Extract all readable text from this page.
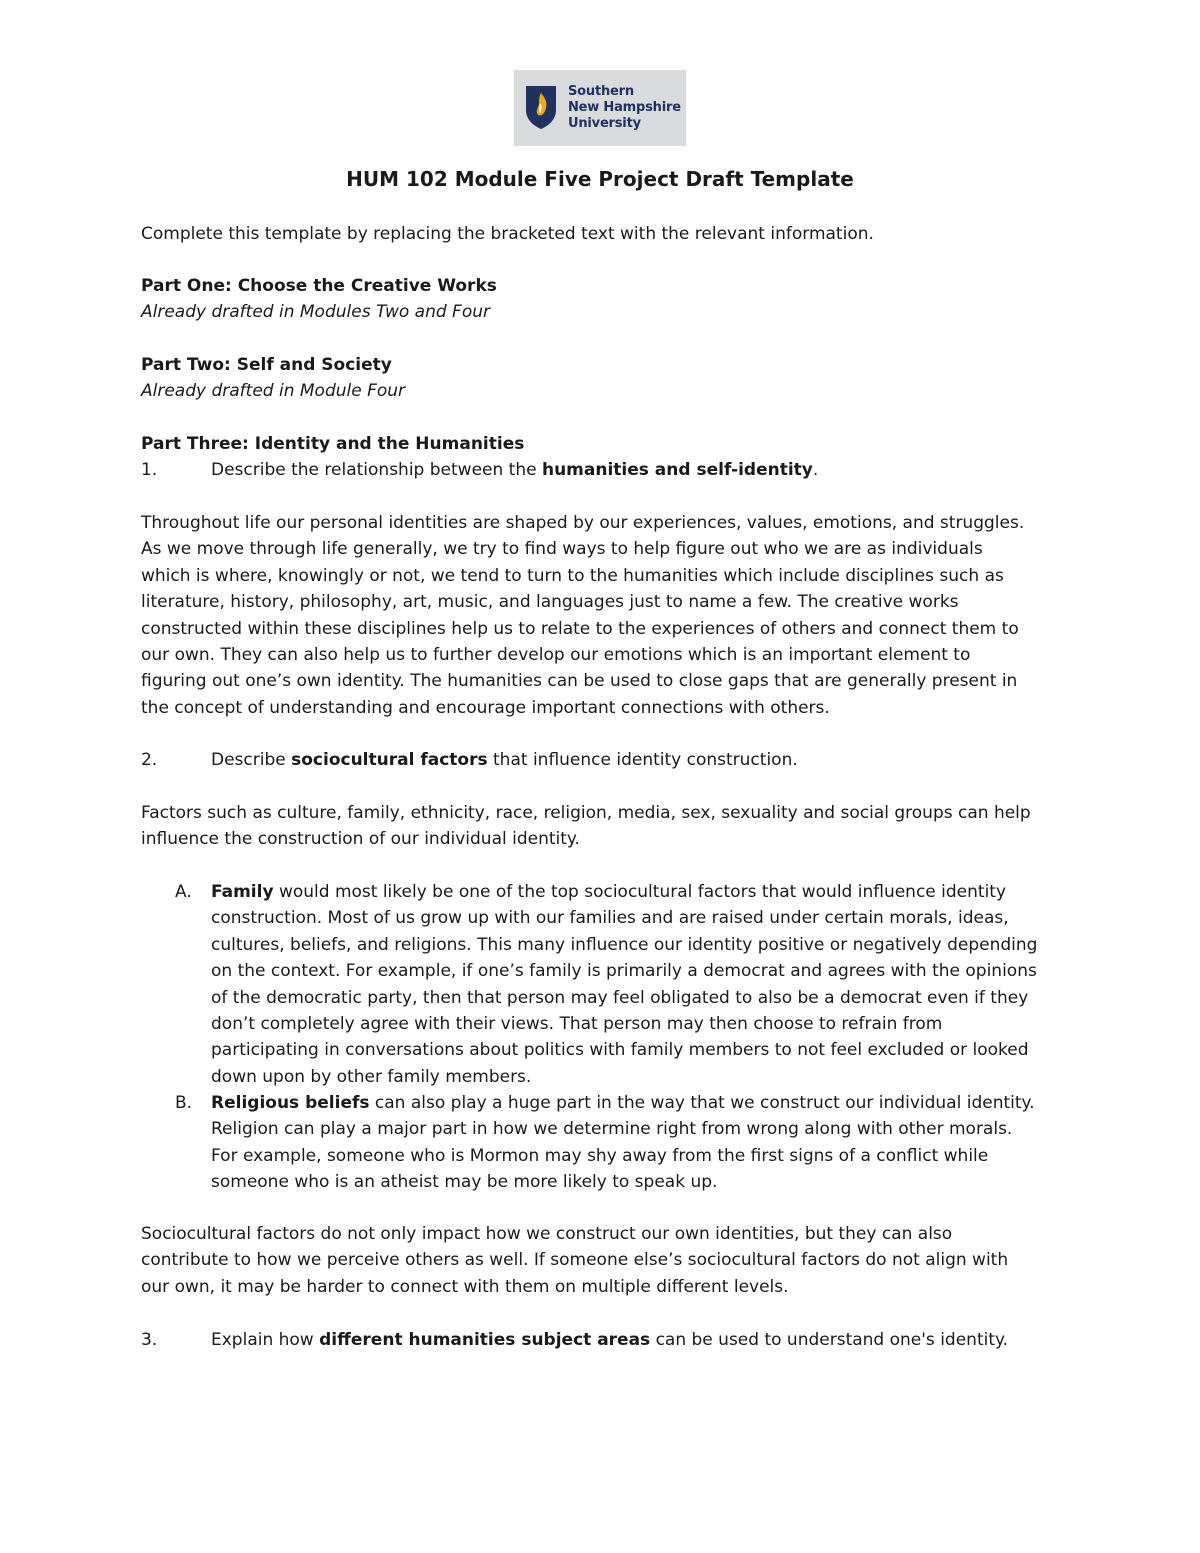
Southern
New Hampshire
University
HUM 102 Module Five Project Draft Template
Complete this template by replacing the bracketed text with the relevant information.
Part One: Choose the Creative Works
Already drafted in Modules Two and Four
Part Two: Self and Society
Already drafted in Module Four
Part Three: Identity and the Humanities
1.	Describe the relationship between the humanities and self-identity.
Throughout life our personal identities are shaped by our experiences, values, emotions, and struggles.
As we move through life generally, we try to find ways to help figure out who we are as individuals
which is where, knowingly or not, we tend to turn to the humanities which include disciplines such as
literature, history, philosophy, art, music, and languages just to name a few. The creative works
constructed within these disciplines help us to relate to the experiences of others and connect them to
our own. They can also help us to further develop our emotions which is an important element to
figuring out one’s own identity. The humanities can be used to close gaps that are generally present in
the concept of understanding and encourage important connections with others.
2.	Describe sociocultural factors that influence identity construction.
Factors such as culture, family, ethnicity, race, religion, media, sex, sexuality and social groups can help
influence the construction of our individual identity.
A. Family would most likely be one of the top sociocultural factors that would influence identity
construction. Most of us grow up with our families and are raised under certain morals, ideas,
cultures, beliefs, and religions. This many influence our identity positive or negatively depending
on the context. For example, if one’s family is primarily a democrat and agrees with the opinions
of the democratic party, then that person may feel obligated to also be a democrat even if they
don’t completely agree with their views. That person may then choose to refrain from
participating in conversations about politics with family members to not feel excluded or looked
down upon by other family members.
B. Religious beliefs can also play a huge part in the way that we construct our individual identity.
Religion can play a major part in how we determine right from wrong along with other morals.
For example, someone who is Mormon may shy away from the first signs of a conflict while
someone who is an atheist may be more likely to speak up.
Sociocultural factors do not only impact how we construct our own identities, but they can also
contribute to how we perceive others as well. If someone else’s sociocultural factors do not align with
our own, it may be harder to connect with them on multiple different levels.
3.	Explain how different humanities subject areas can be used to understand one's identity.
